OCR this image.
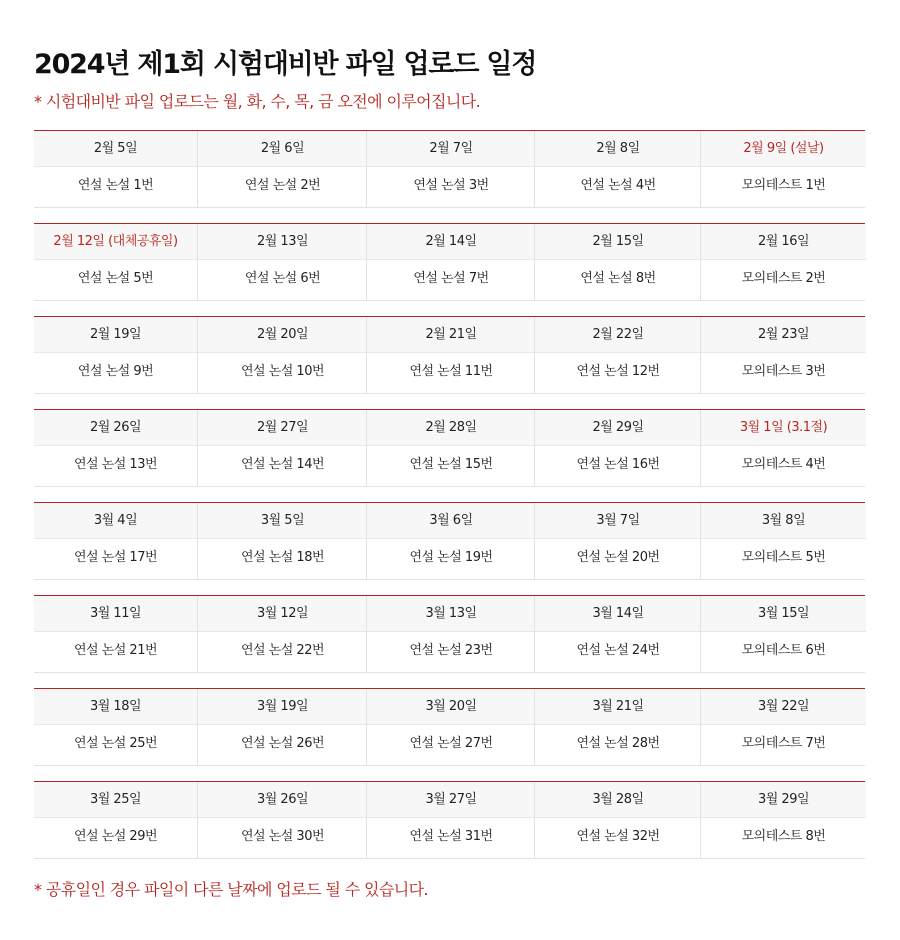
2024년 제1회 시험대비반 파일 업로드 일정
* 시험대비반 파일 업로드는 월, 화, 수, 목, 금 오전에 이루어집니다.
2월 5일
연설 논설 1번
2월 6일
연설 논설 2번
2월 7일
연설 논설 3번
2월 8일
연설 논설 4번
2월 9일 (설날)
모의테스트 1번
2월 12일 (대체공휴일)
연설 논설 5번
2월 13일
연설 논설 6번
2월 14일
연설 논설 7번
2월 15일
연설 논설 8번
2월 16일
모의테스트 2번
2월 19일
연설 논설 9번
2월 20일
연설 논설 10번
2월 21일
연설 논설 11번
2월 22일
연설 논설 12번
2월 23일
모의테스트 3번
2월 26일
연설 논설 13번
2월 27일
연설 논설 14번
2월 28일
연설 논설 15번
2월 29일
연설 논설 16번
3월 1일 (3.1절)
모의테스트 4번
3월 4일
연설 논설 17번
3월 5일
연설 논설 18번
3월 6일
연설 논설 19번
3월 7일
연설 논설 20번
3월 8일
모의테스트 5번
3월 11일
연설 논설 21번
3월 12일
연설 논설 22번
3월 13일
연설 논설 23번
3월 14일
연설 논설 24번
3월 15일
모의테스트 6번
3월 18일
연설 논설 25번
3월 19일
연설 논설 26번
3월 20일
연설 논설 27번
3월 21일
연설 논설 28번
3월 22일
모의테스트 7번
3월 25일
연설 논설 29번
3월 26일
연설 논설 30번
3월 27일
연설 논설 31번
3월 28일
연설 논설 32번
3월 29일
모의테스트 8번
* 공휴일인 경우 파일이 다른 날짜에 업로드 될 수 있습니다.
